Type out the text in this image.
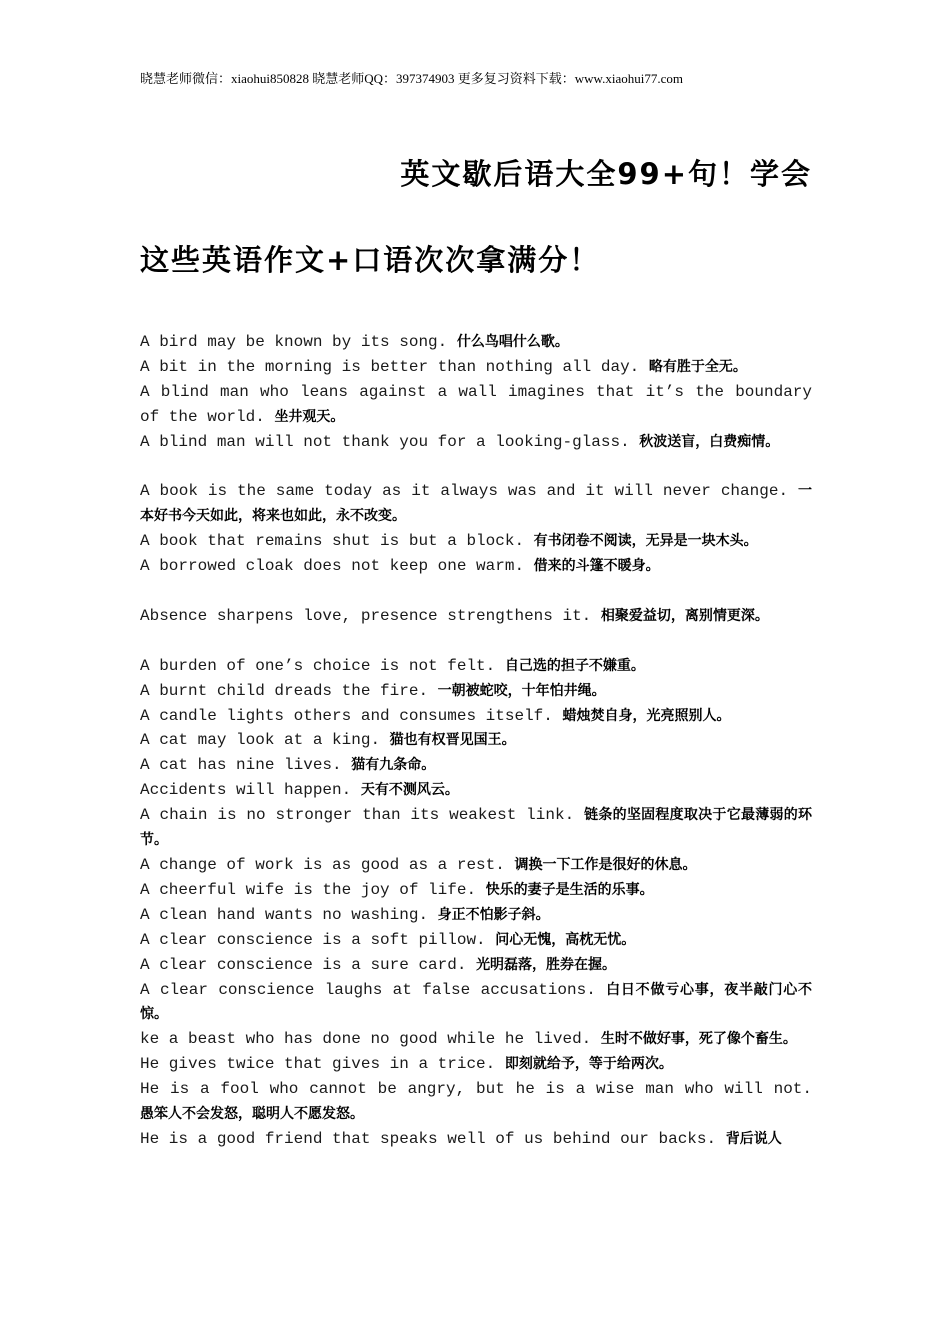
晓慧老师微信：xiaohui850828 晓慧老师QQ：397374903 更多复习资料下载：www.xiaohui77.com
英文歇后语大全99+句！学会
这些英语作文+口语次次拿满分！
A bird may be known by its song. 什么鸟唱什么歌。
A bit in the morning is better than nothing all day. 略有胜于全无。
A blind man who leans against a wall imagines that it’s the boundary of the world. 坐井观天。
A blind man will not thank you for a looking-glass. 秋波送盲，白费痴情。
A book is the same today as it always was and it will never change. 一本好书今天如此，将来也如此，永不改变。
A book that remains shut is but a block. 有书闭卷不阅读，无异是一块木头。
A borrowed cloak does not keep one warm. 借来的斗篷不暖身。
Absence sharpens love, presence strengthens it. 相聚爱益切，离别情更深。
A burden of one’s choice is not felt. 自己选的担子不嫌重。
A burnt child dreads the fire. 一朝被蛇咬，十年怕井绳。
A candle lights others and consumes itself. 蜡烛焚自身，光亮照别人。
A cat may look at a king. 猫也有权晋见国王。
A cat has nine lives. 猫有九条命。
Accidents will happen. 天有不测风云。
A chain is no stronger than its weakest link. 链条的坚固程度取决于它最薄弱的环节。
A change of work is as good as a rest. 调换一下工作是很好的休息。
A cheerful wife is the joy of life. 快乐的妻子是生活的乐事。
A clean hand wants no washing. 身正不怕影子斜。
A clear conscience is a soft pillow. 问心无愧，高枕无忧。
A clear conscience is a sure card. 光明磊落，胜券在握。
A clear conscience laughs at false accusations. 白日不做亏心事，夜半敲门心不惊。
ke a beast who has done no good while he lived. 生时不做好事，死了像个畜生。
He gives twice that gives in a trice. 即刻就给予，等于给两次。
He is a fool who cannot be angry, but he is a wise man who will not. 愚笨人不会发怒，聪明人不愿发怒。
He is a good friend that speaks well of us behind our backs. 背后说人
